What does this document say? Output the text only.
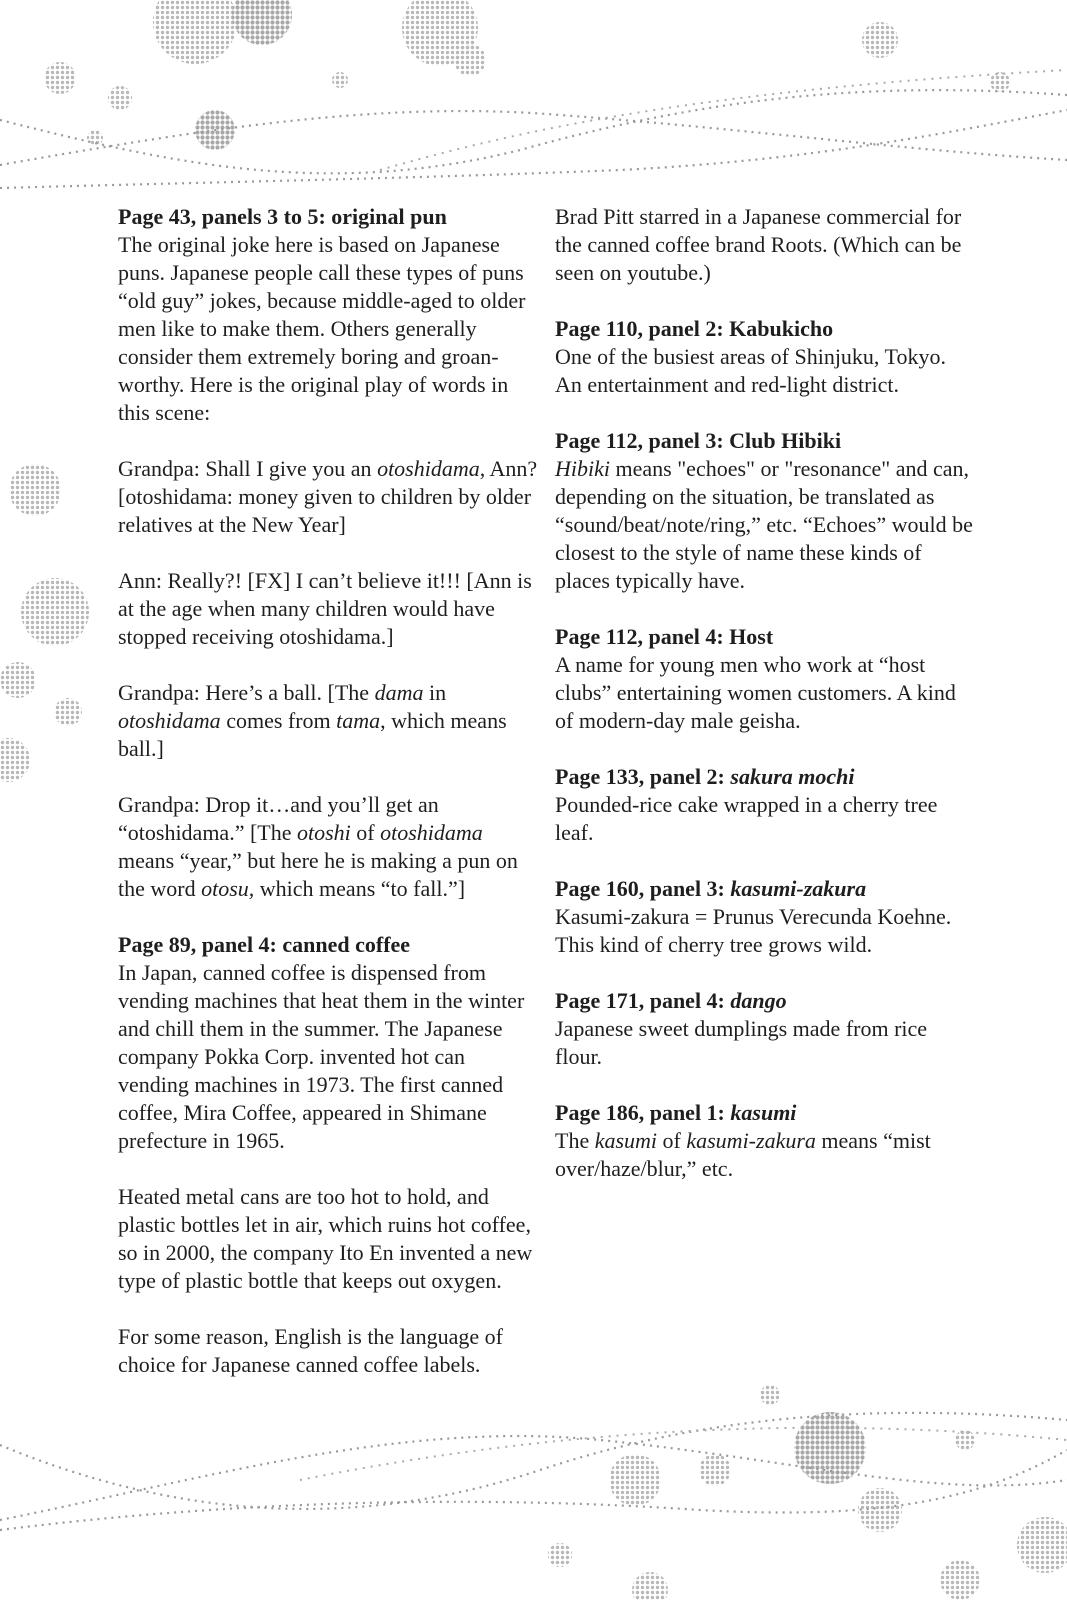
Page 43, panels 3 to 5: original pun

The original joke here is based on Japanese puns. Japanese people call these types of puns “old guy” jokes, because middle-aged to older men like to make them. Others generally consider them extremely boring and groan-worthy. Here is the original play of words in this scene:

Grandpa: Shall I give you an otoshidama, Ann? [otoshidama: money given to children by older relatives at the New Year]

Ann: Really?! [FX] I can’t believe it!!! [Ann is at the age when many children would have stopped receiving otoshidama.]

Grandpa: Here’s a ball. [The dama in otoshidama comes from tama, which means ball.]

Grandpa: Drop it…and you’ll get an “otoshidama.” [The otoshi of otoshidama means “year,” but here he is making a pun on the word otosu, which means “to fall.”]

Page 89, panel 4: canned coffee

In Japan, canned coffee is dispensed from vending machines that heat them in the winter and chill them in the summer. The Japanese company Pokka Corp. invented hot can vending machines in 1973. The first canned coffee, Mira Coffee, appeared in Shimane prefecture in 1965.

Heated metal cans are too hot to hold, and plastic bottles let in air, which ruins hot coffee, so in 2000, the company Ito En invented a new type of plastic bottle that keeps out oxygen.

For some reason, English is the language of choice for Japanese canned coffee labels.

Brad Pitt starred in a Japanese commercial for the canned coffee brand Roots. (Which can be seen on youtube.)

Page 110, panel 2: Kabukicho

One of the busiest areas of Shinjuku, Tokyo. An entertainment and red-light district.

Page 112, panel 3: Club Hibiki

Hibiki means "echoes" or "resonance" and can, depending on the situation, be translated as “sound/beat/note/ring,” etc. “Echoes” would be closest to the style of name these kinds of places typically have.

Page 112, panel 4: Host

A name for young men who work at “host clubs” entertaining women customers. A kind of modern-day male geisha.

Page 133, panel 2: sakura mochi

Pounded-rice cake wrapped in a cherry tree leaf.

Page 160, panel 3: kasumi-zakura

Kasumi-zakura = Prunus Verecunda Koehne. This kind of cherry tree grows wild.

Page 171, panel 4: dango

Japanese sweet dumplings made from rice flour.

Page 186, panel 1: kasumi

The kasumi of kasumi-zakura means “mist over/haze/blur,” etc.
